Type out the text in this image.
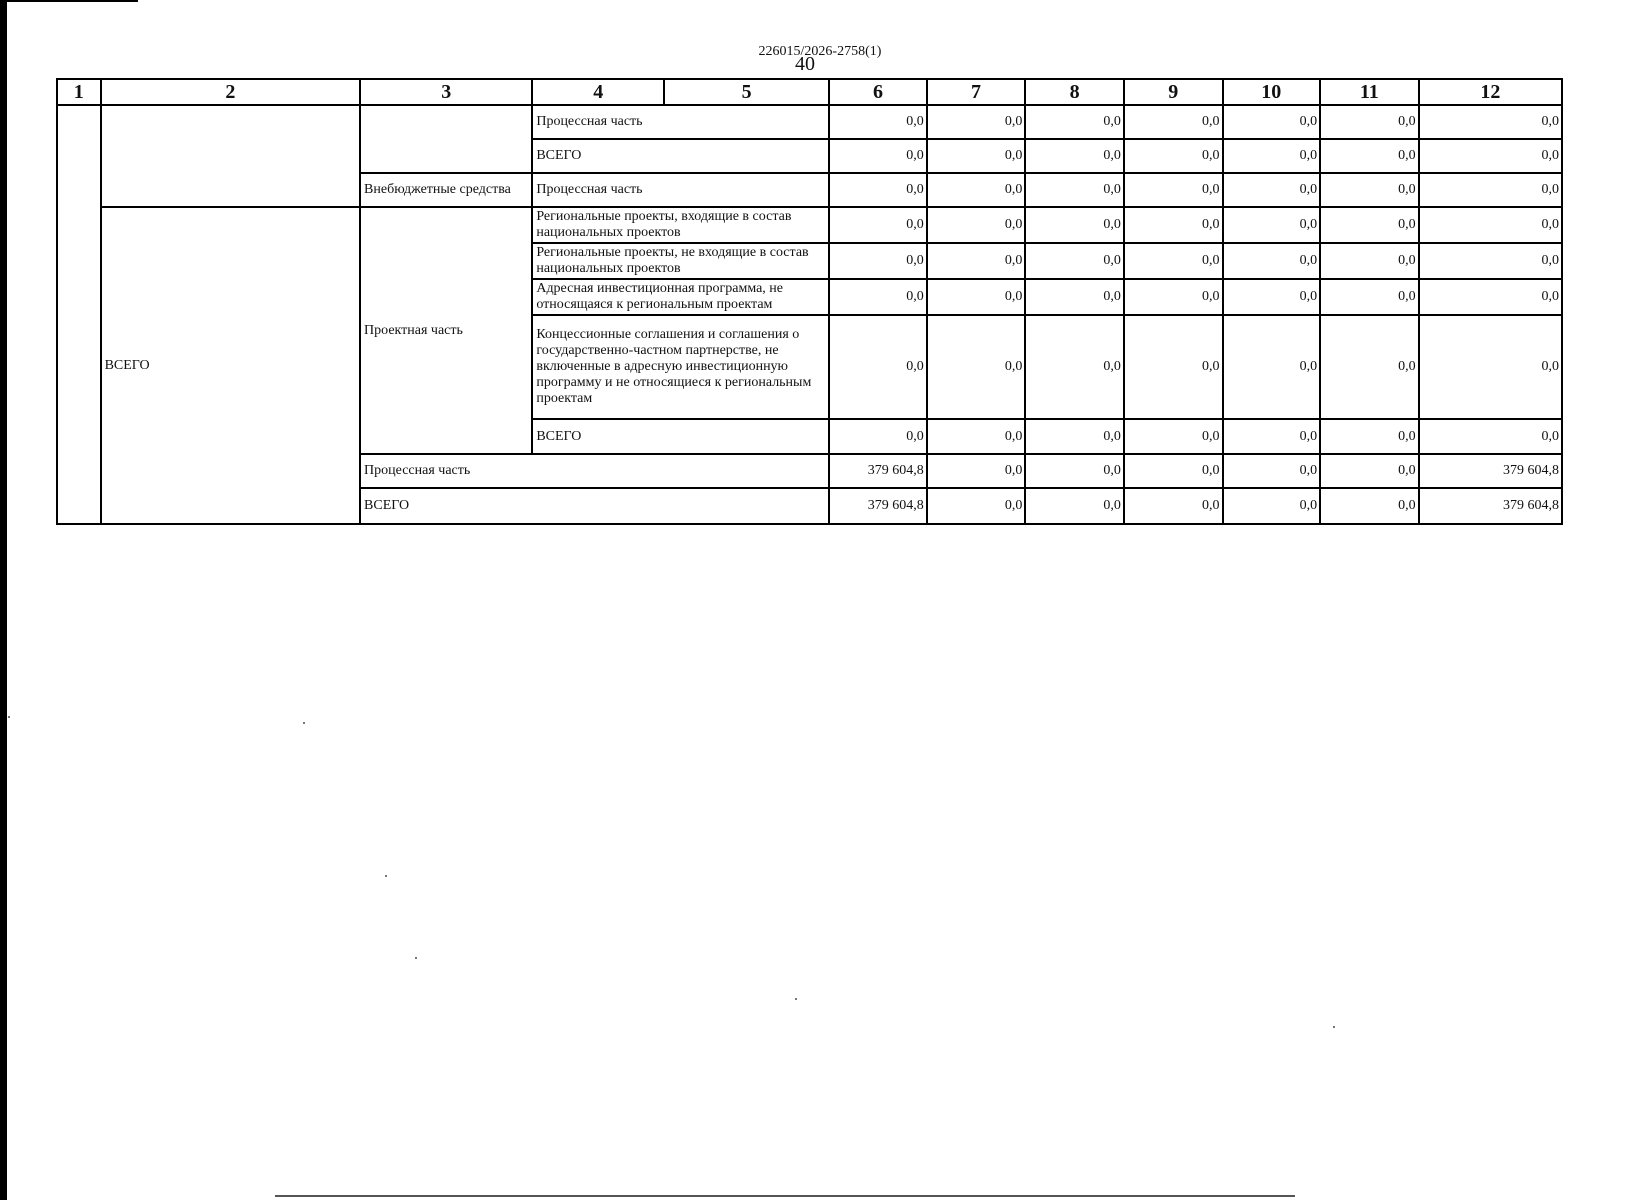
226015/2026-2758(1)
40
1	2	3	4	5	6	7	8	9	10	11	12
			Процессная часть		0,0	0,0	0,0	0,0	0,0	0,0	0,0
			ВСЕГО		0,0	0,0	0,0	0,0	0,0	0,0	0,0
		Внебюджетные средства	Процессная часть		0,0	0,0	0,0	0,0	0,0	0,0	0,0
	ВСЕГО	Проектная часть	Региональные проекты, входящие в состав национальных проектов		0,0	0,0	0,0	0,0	0,0	0,0	0,0
			Региональные проекты, не входящие в состав национальных проектов		0,0	0,0	0,0	0,0	0,0	0,0	0,0
			Адресная инвестиционная программа, не относящаяся к региональным проектам		0,0	0,0	0,0	0,0	0,0	0,0	0,0
			Концессионные соглашения и соглашения о государственно-частном партнерстве, не включенные в адресную инвестиционную программу и не относящиеся к региональным проектам		0,0	0,0	0,0	0,0	0,0	0,0	0,0
			ВСЕГО		0,0	0,0	0,0	0,0	0,0	0,0	0,0
		Процессная часть			379 604,8	0,0	0,0	0,0	0,0	0,0	379 604,8
		ВСЕГО			379 604,8	0,0	0,0	0,0	0,0	0,0	379 604,8
